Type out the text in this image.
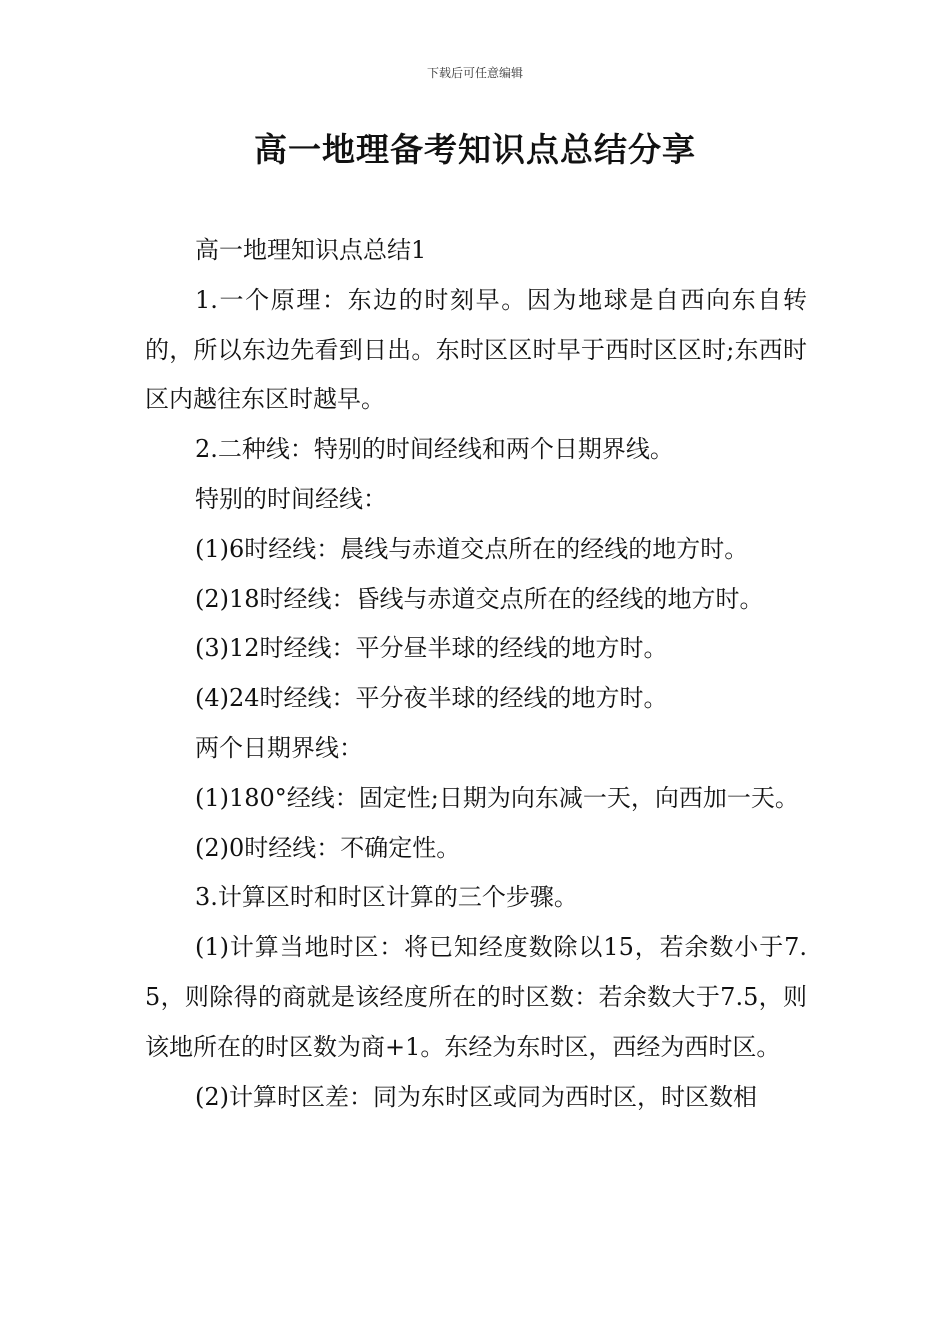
下载后可任意编辑
高一地理备考知识点总结分享

高一地理知识点总结1

1.一个原理：东边的时刻早。因为地球是自西向东自转的，所以东边先看到日出。东时区区时早于西时区区时;东西时区内越往东区时越早。

2.二种线：特别的时间经线和两个日期界线。

特别的时间经线：

(1)6时经线：晨线与赤道交点所在的经线的地方时。

(2)18时经线：昏线与赤道交点所在的经线的地方时。

(3)12时经线：平分昼半球的经线的地方时。

(4)24时经线：平分夜半球的经线的地方时。

两个日期界线：

(1)180°经线：固定性;日期为向东减一天，向西加一天。

(2)0时经线：不确定性。

3.计算区时和时区计算的三个步骤。

(1)计算当地时区：将已知经度数除以15，若余数小于7.5，则除得的商就是该经度所在的时区数：若余数大于7.5，则该地所在的时区数为商+1。东经为东时区，西经为西时区。

(2)计算时区差：同为东时区或同为西时区，时区数相
